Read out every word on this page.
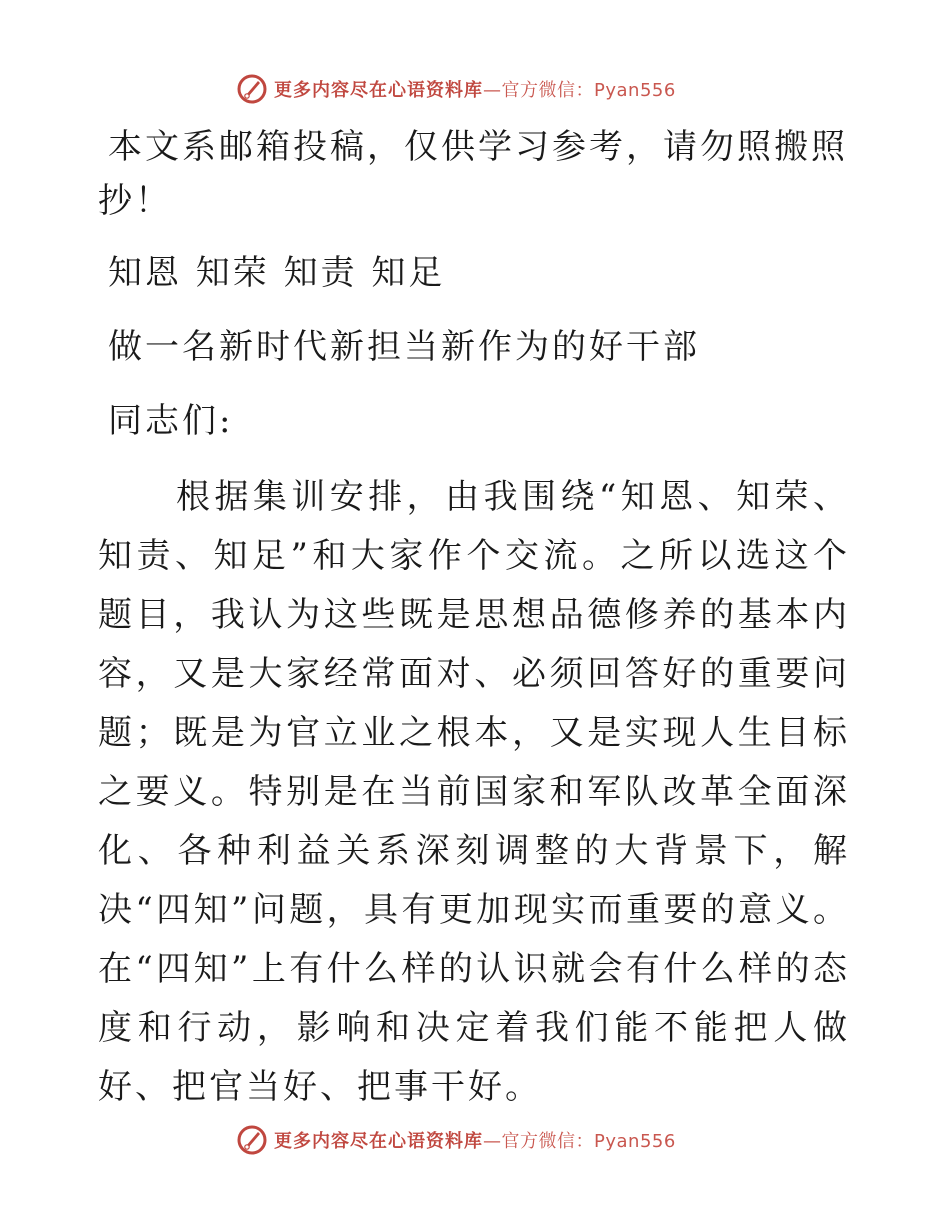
更多内容尽在心语资料库—官方微信：Pyan556
本文系邮箱投稿，仅供学习参考，请勿照搬照
抄！
知恩 知荣 知责 知足
做一名新时代新担当新作为的好干部
同志们:

根据集训安排，由我围绕“知恩、知荣、知责、知足”和大家作个交流。之所以选这个题目，我认为这些既是思想品德修养的基本内容，又是大家经常面对、必须回答好的重要问题；既是为官立业之根本，又是实现人生目标之要义。特别是在当前国家和军队改革全面深化、各种利益关系深刻调整的大背景下，解决“四知”问题，具有更加现实而重要的意义。在“四知”上有什么样的认识就会有什么样的态度和行动，影响和决定着我们能不能把人做好、把官当好、把事干好。

更多内容尽在心语资料库—官方微信：Pyan556
